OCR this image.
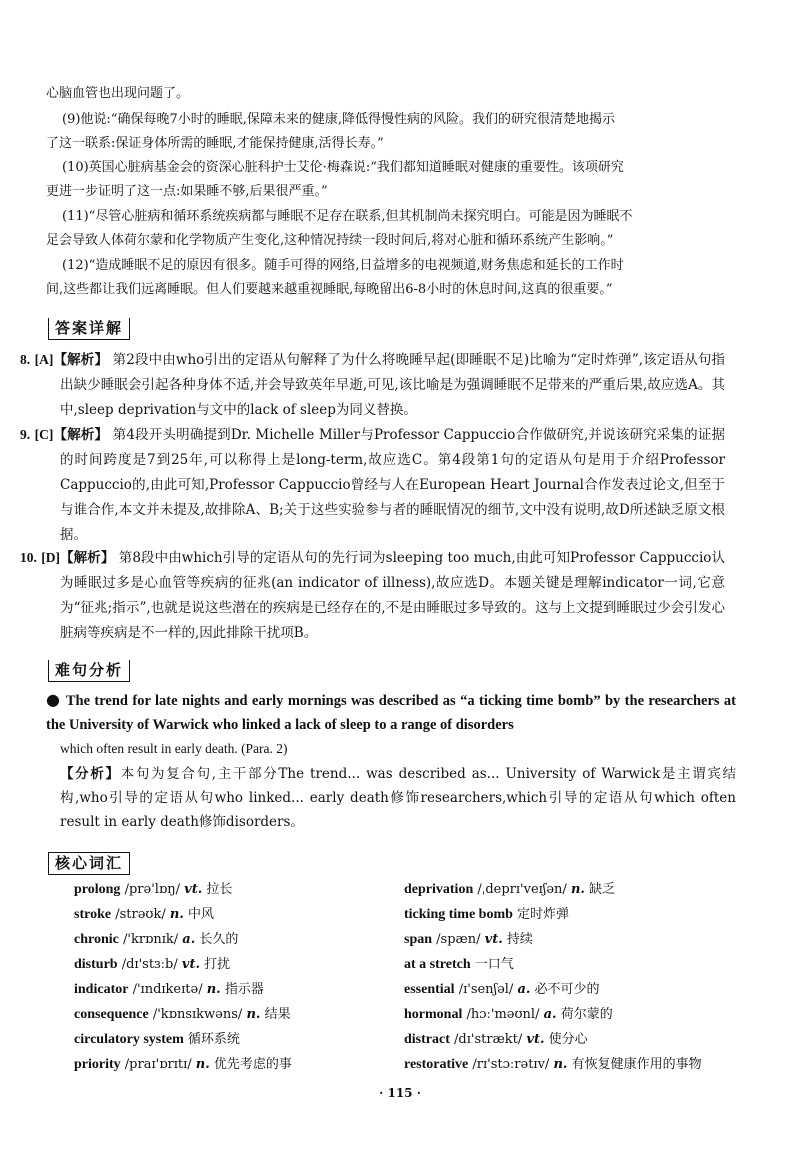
心脑血管也出现问题了。
(9)他说:“确保每晚7小时的睡眠,保障未来的健康,降低得慢性病的风险。我们的研究很清楚地揭示
了这一联系:保证身体所需的睡眠,才能保持健康,活得长寿。”
(10)英国心脏病基金会的资深心脏科护士艾伦·梅森说:“我们都知道睡眠对健康的重要性。该项研究
更进一步证明了这一点:如果睡不够,后果很严重。”
(11)“尽管心脏病和循环系统疾病都与睡眠不足存在联系,但其机制尚未探究明白。可能是因为睡眠不
足会导致人体荷尔蒙和化学物质产生变化,这种情况持续一段时间后,将对心脏和循环系统产生影响。”
(12)“造成睡眠不足的原因有很多。随手可得的网络,日益增多的电视频道,财务焦虑和延长的工作时
间,这些都让我们远离睡眠。但人们要越来越重视睡眠,每晚留出6-8小时的休息时间,这真的很重要。”
答案详解
8. [A]【解析】 第2段中由who引出的定语从句解释了为什么将晚睡早起(即睡眠不足)比喻为“定时炸弹”,该定语从句指出缺少睡眠会引起各种身体不适,并会导致英年早逝,可见,该比喻是为强调睡眠不足带来的严重后果,故应选A。其中,sleep deprivation与文中的lack of sleep为同义替换。
9. [C]【解析】 第4段开头明确提到Dr. Michelle Miller与Professor Cappuccio合作做研究,并说该研究采集的证据的时间跨度是7到25年,可以称得上是long-term,故应选C。第4段第1句的定语从句是用于介绍Professor Cappuccio的,由此可知,Professor Cappuccio曾经与人在European Heart Journal合作发表过论文,但至于与谁合作,本文并未提及,故排除A、B;关于这些实验参与者的睡眠情况的细节,文中没有说明,故D所述缺乏原文根据。
10. [D]【解析】 第8段中由which引导的定语从句的先行词为sleeping too much,由此可知Professor Cappuccio认为睡眠过多是心血管等疾病的征兆(an indicator of illness),故应选D。本题关键是理解indicator一词,它意为“征兆;指示”,也就是说这些潜在的疾病是已经存在的,不是由睡眠过多导致的。这与上文提到睡眠过少会引发心脏病等疾病是不一样的,因此排除干扰项B。
难句分析
● The trend for late nights and early mornings was described as “a ticking time bomb” by the researchers at the University of Warwick who linked a lack of sleep to a range of disorders
which often result in early death. (Para. 2)
【分析】本句为复合句,主干部分The trend... was described as... University of Warwick是主谓宾结构,who引导的定语从句who linked... early death修饰researchers,which引导的定语从句which often result in early death修饰disorders。
核心词汇
prolong /prə'lɒŋ/ vt. 拉长
stroke /strəʊk/ n. 中风
chronic /'krɒnɪk/ a. 长久的
disturb /dɪ'stɜːb/ vt. 打扰
indicator /'ɪndɪkeɪtə/ n. 指示器
consequence /'kɒnsɪkwəns/ n. 结果
circulatory system 循环系统
priority /praɪ'ɒrɪtɪ/ n. 优先考虑的事
deprivation /ˌdeprɪ'veɪʃən/ n. 缺乏
ticking time bomb 定时炸弹
span /spæn/ vt. 持续
at a stretch 一口气
essential /ɪ'senʃəl/ a. 必不可少的
hormonal /hɔː'məʊnl/ a. 荷尔蒙的
distract /dɪ'strækt/ vt. 使分心
restorative /rɪ'stɔːrətɪv/ n. 有恢复健康作用的事物
· 115 ·
